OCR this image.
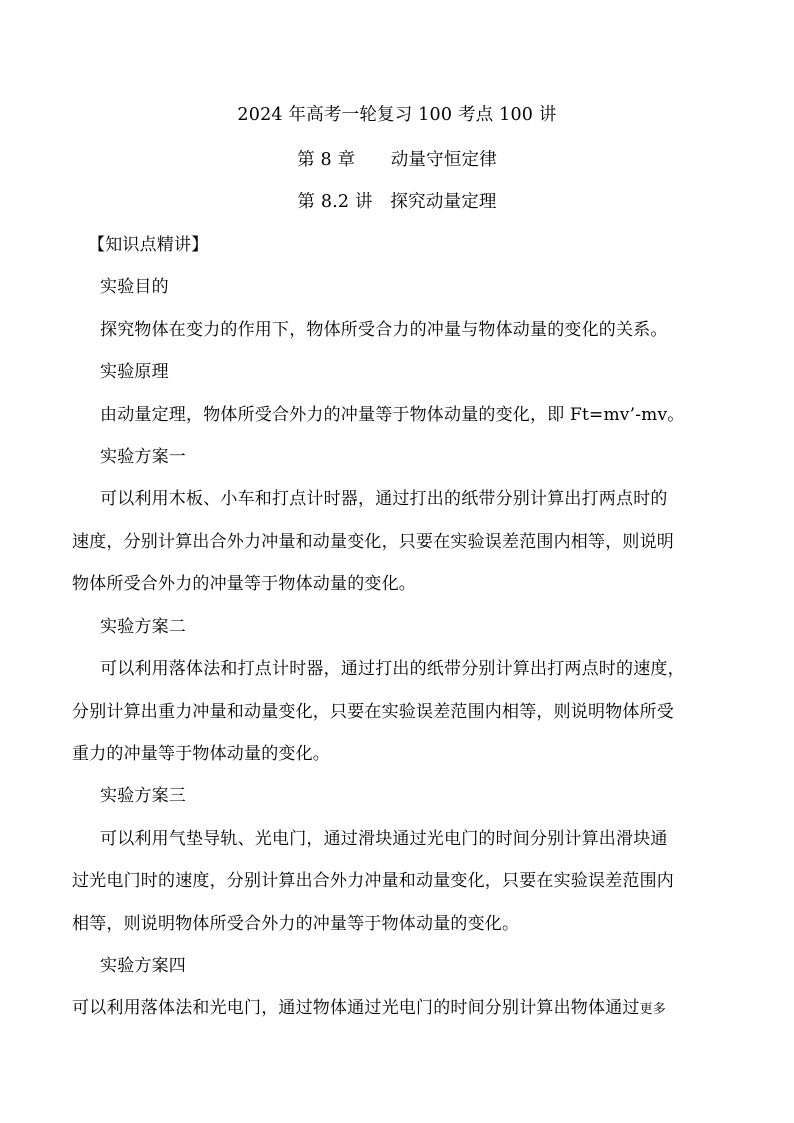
2024 年高考一轮复习 100 考点 100 讲
第 8 章　　动量守恒定律
第 8.2 讲　探究动量定理
【知识点精讲】
实验目的
探究物体在变力的作用下，物体所受合力的冲量与物体动量的变化的关系。
实验原理
由动量定理，物体所受合外力的冲量等于物体动量的变化，即 Ft=mv’-mv。
实验方案一
可以利用木板、小车和打点计时器，通过打出的纸带分别计算出打两点时的
速度，分别计算出合外力冲量和动量变化，只要在实验误差范围内相等，则说明
物体所受合外力的冲量等于物体动量的变化。
实验方案二
可以利用落体法和打点计时器，通过打出的纸带分别计算出打两点时的速度，
分别计算出重力冲量和动量变化，只要在实验误差范围内相等，则说明物体所受
重力的冲量等于物体动量的变化。
实验方案三
可以利用气垫导轨、光电门，通过滑块通过光电门的时间分别计算出滑块通
过光电门时的速度，分别计算出合外力冲量和动量变化，只要在实验误差范围内
相等，则说明物体所受合外力的冲量等于物体动量的变化。
实验方案四
可以利用落体法和光电门，通过物体通过光电门的时间分别计算出物体通过更多
